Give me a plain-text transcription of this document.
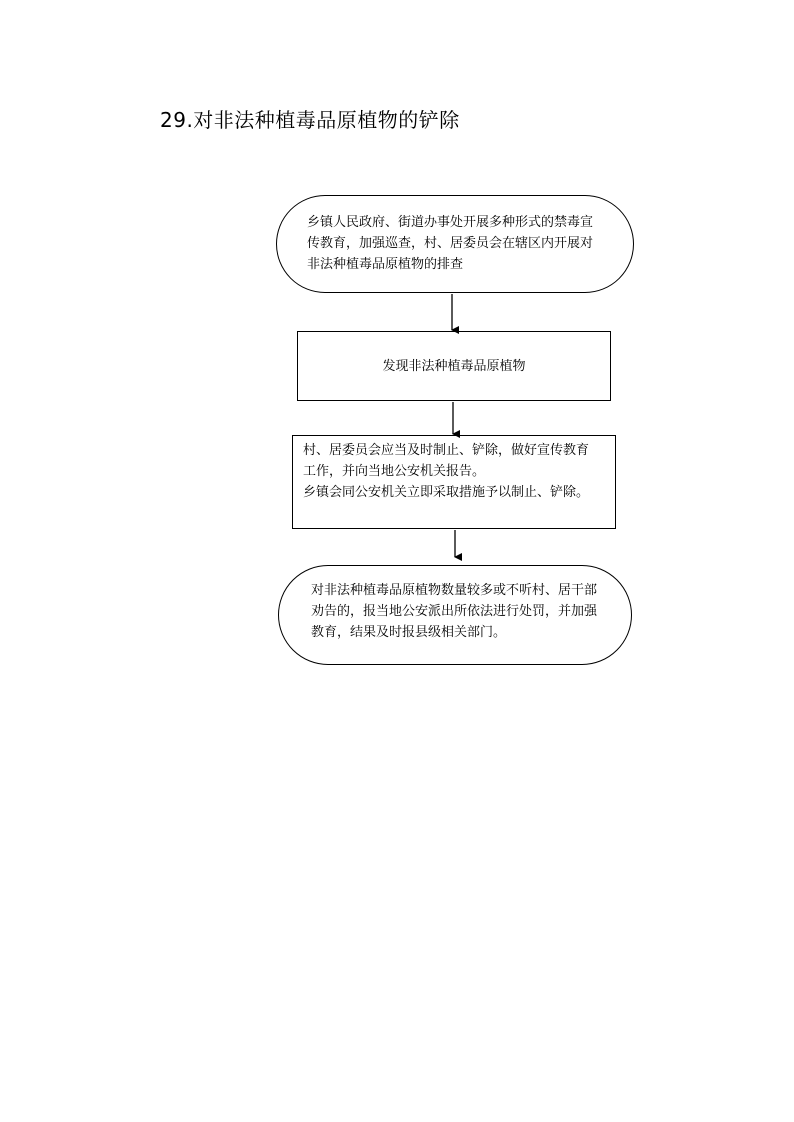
29.对非法种植毒品原植物的铲除
乡镇人民政府、街道办事处开展多种形式的禁毒宣
传教育，加强巡查，村、居委员会在辖区内开展对
非法种植毒品原植物的排查
发现非法种植毒品原植物
村、居委员会应当及时制止、铲除，做好宣传教育
工作，并向当地公安机关报告。
乡镇会同公安机关立即采取措施予以制止、铲除。
对非法种植毒品原植物数量较多或不听村、居干部
劝告的，报当地公安派出所依法进行处罚，并加强
教育，结果及时报县级相关部门。
